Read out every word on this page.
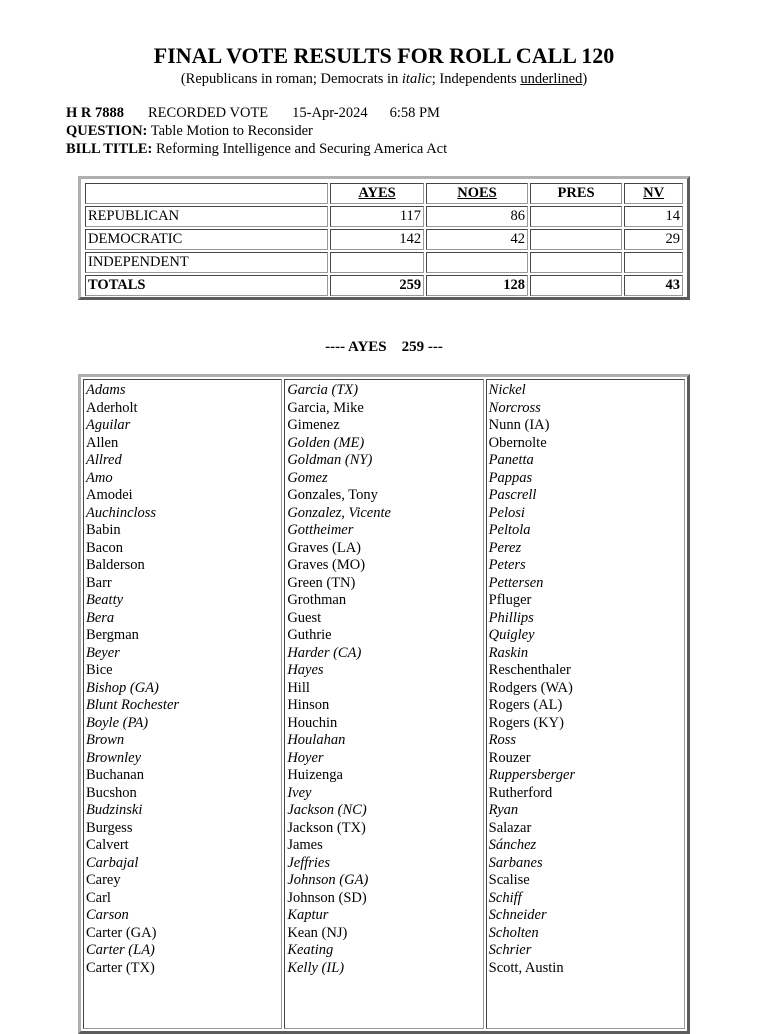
FINAL VOTE RESULTS FOR ROLL CALL 120
(Republicans in roman; Democrats in italic; Independents underlined)
H R 7888 RECORDED VOTE 15-Apr-2024 6:58 PM
QUESTION: Table Motion to Reconsider
BILL TITLE: Reforming Intelligence and Securing America Act
	AYES	NOES	PRES	NV
REPUBLICAN	117	86		14
DEMOCRATIC	142	42		29
INDEPENDENT				
TOTALS	259	128		43
---- AYES    259 ---
Adams
Aderholt
Aguilar
Allen
Allred
Amo
Amodei
Auchincloss
Babin
Bacon
Balderson
Barr
Beatty
Bera
Bergman
Beyer
Bice
Bishop (GA)
Blunt Rochester
Boyle (PA)
Brown
Brownley
Buchanan
Bucshon
Budzinski
Burgess
Calvert
Carbajal
Carey
Carl
Carson
Carter (GA)
Carter (LA)
Carter (TX)
Garcia (TX)
Garcia, Mike
Gimenez
Golden (ME)
Goldman (NY)
Gomez
Gonzales, Tony
Gonzalez, Vicente
Gottheimer
Graves (LA)
Graves (MO)
Green (TN)
Grothman
Guest
Guthrie
Harder (CA)
Hayes
Hill
Hinson
Houchin
Houlahan
Hoyer
Huizenga
Ivey
Jackson (NC)
Jackson (TX)
James
Jeffries
Johnson (GA)
Johnson (SD)
Kaptur
Kean (NJ)
Keating
Kelly (IL)
Nickel
Norcross
Nunn (IA)
Obernolte
Panetta
Pappas
Pascrell
Pelosi
Peltola
Perez
Peters
Pettersen
Pfluger
Phillips
Quigley
Raskin
Reschenthaler
Rodgers (WA)
Rogers (AL)
Rogers (KY)
Ross
Rouzer
Ruppersberger
Rutherford
Ryan
Salazar
Sánchez
Sarbanes
Scalise
Schiff
Schneider
Scholten
Schrier
Scott, Austin
